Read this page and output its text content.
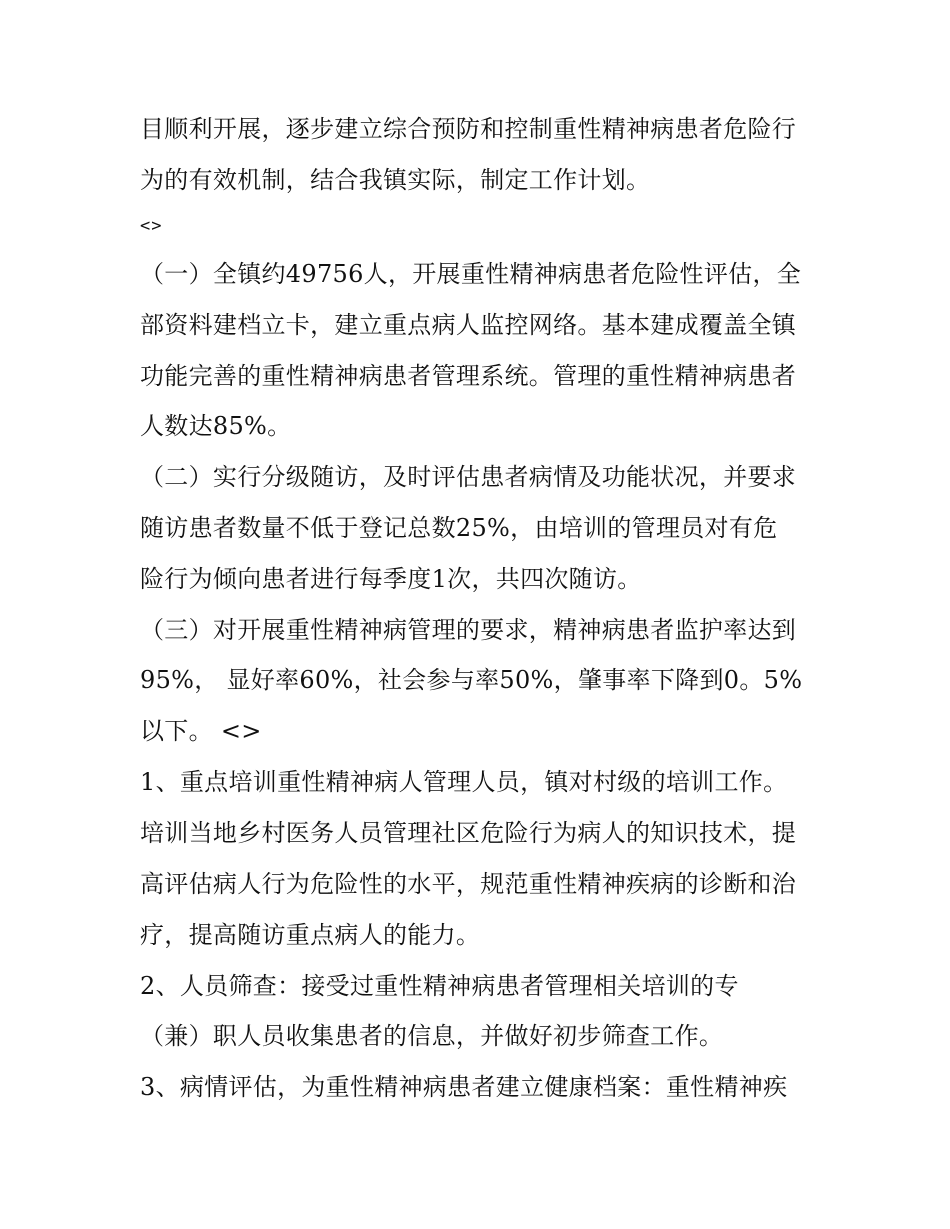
目顺利开展，逐步建立综合预防和控制重性精神病患者危险行
为的有效机制，结合我镇实际，制定工作计划。
<>
（一）全镇约49756人，开展重性精神病患者危险性评估，全
部资料建档立卡，建立重点病人监控网络。基本建成覆盖全镇
功能完善的重性精神病患者管理系统。管理的重性精神病患者
人数达85%。
（二）实行分级随访，及时评估患者病情及功能状况，并要求
随访患者数量不低于登记总数25%，由培训的管理员对有危
险行为倾向患者进行每季度1次，共四次随访。
（三）对开展重性精神病管理的要求，精神病患者监护率达到
95%， 显好率60%，社会参与率50%，肇事率下降到0。5%
以下。 <>
1、重点培训重性精神病人管理人员，镇对村级的培训工作。
培训当地乡村医务人员管理社区危险行为病人的知识技术，提
高评估病人行为危险性的水平，规范重性精神疾病的诊断和治
疗，提高随访重点病人的能力。
2、人员筛查：接受过重性精神病患者管理相关培训的专
（兼）职人员收集患者的信息，并做好初步筛查工作。
3、病情评估，为重性精神病患者建立健康档案：重性精神疾
